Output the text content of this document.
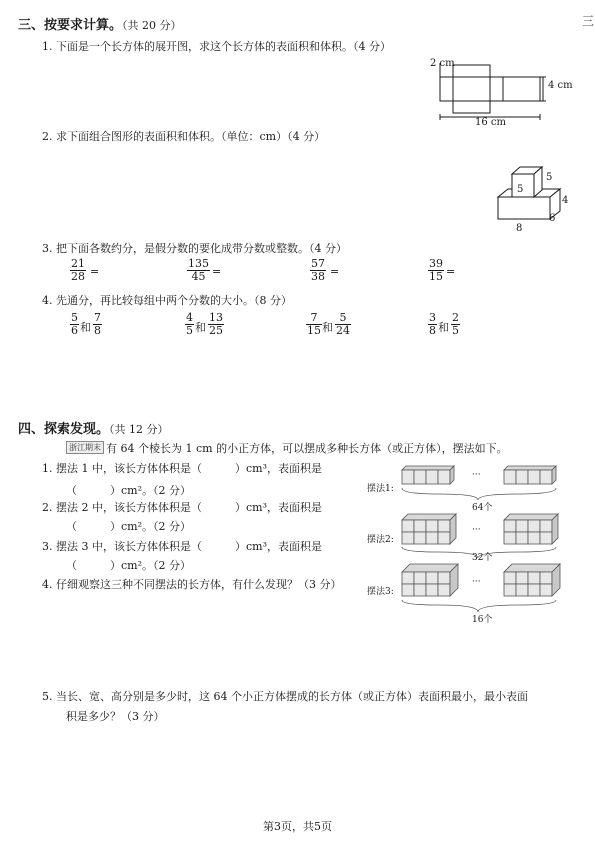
三
三、按要求计算。（共 20 分）
1. 下面是一个长方体的展开图，求这个长方体的表面积和体积。（4 分）
2 cm
4 cm
16 cm
2. 求下面组合图形的表面积和体积。（单位：cm）（4 分）
5
5
4
6
8
3. 把下面各数约分，是假分数的要化成带分数或整数。（4 分）
$\frac{21}{28}$ =	$\frac{135}{45}$ =	$\frac{57}{38}$ =	$\frac{39}{15}$ =
4. 先通分，再比较每组中两个分数的大小。（8 分）
$\frac{5}{6}$ 和 $\frac{7}{8}$	$\frac{4}{5}$ 和 $\frac{13}{25}$	$\frac{7}{15}$ 和 $\frac{5}{24}$	$\frac{3}{8}$ 和 $\frac{2}{5}$
四、探索发现。（共 12 分）
浙江期末 有 64 个棱长为 1 cm 的小正方体，可以摆成多种长方体（或正方体），摆法如下。
1. 摆法 1 中，该长方体体积是（　　　）cm³，表面积是
（　　　）cm²。（2 分）
2. 摆法 2 中，该长方体体积是（　　　）cm³，表面积是
（　　　）cm²。（2 分）
3. 摆法 3 中，该长方体体积是（　　　）cm³，表面积是
（　　　）cm²。（2 分）
4. 仔细观察这三种不同摆法的长方体，有什么发现？（3 分）
摆法1:
···
64个
摆法2:
···
32个
摆法3:
···
16个
5. 当长、宽、高分别是多少时，这 64 个小正方体摆成的长方体（或正方体）表面积最小，最小表面
积是多少？（3 分）
第3页，共5页
